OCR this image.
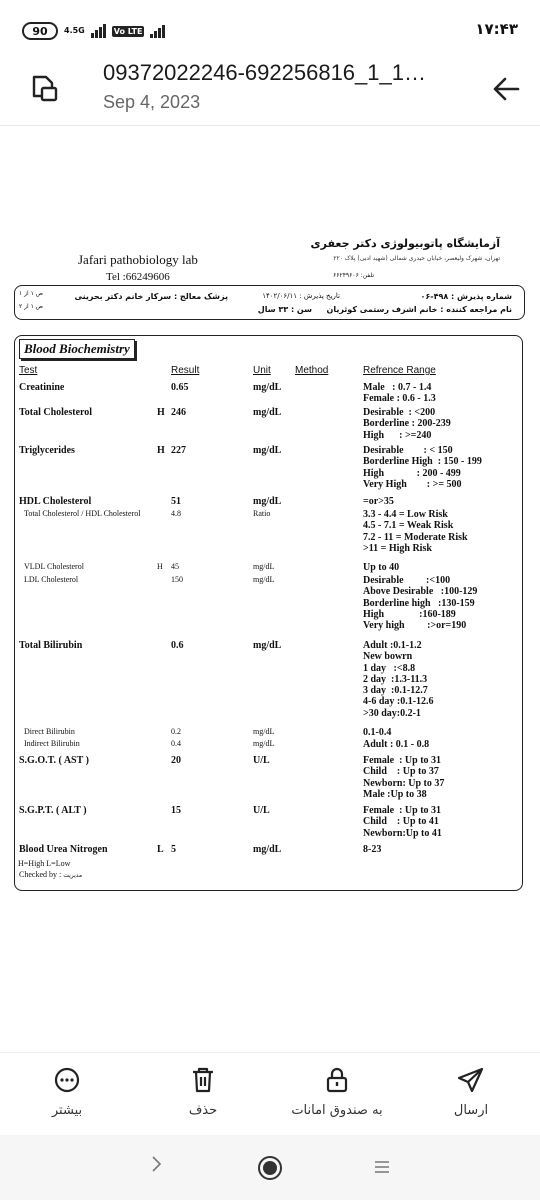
90 4.5G	Vo LTE	۱۷:۴۳
09372022246-692256816_1_1…
Sep 4, 2023
Jafari pathobiology lab
Tel :66249606
آزمایشگاه پاتوبیولوژی دکتر جعفری
تهران، شهرک ولیعصر، خیابان حیدری شمالی (شهید ادبی) پلاک ۲۲۰
تلفن: ۶۶۲۴۹۶۰۶
شماره پذیرش : ۴۹۸-۰۶
نام مراجعه کننده : خانم اشرف رستمی کوثریان
تاریخ پذیرش : ۱۴۰۲/۰۶/۱۱
سن : ۳۳ سال
پزشک معالج : سرکار خانم دکتر بحرینی
ص ۱ از ۱
ص ۱ از ۲
Blood Biochemistry
Test	Result	Unit Method	Refrence Range
Creatinine	0.65	mg/dL	Male   : 0.7 - 1.4
Female : 0.6 - 1.3
Total Cholesterol	H 246	mg/dL	Desirable  : <200
Borderline : 200-239
High      : >=240
Triglycerides	H 227	mg/dL	Desirable        : < 150
Borderline High  : 150 - 199
High             : 200 - 499
Very High        : >= 500
HDL Cholesterol	51	mg/dL	=or>35
Total Cholesterol / HDL Cholesterol	4.8	Ratio	3.3 - 4.4 = Low Risk
4.5 - 7.1 = Weak Risk
7.2 - 11 = Moderate Risk
>11 = High Risk
VLDL Cholesterol	H 45	mg/dL	Up to 40
LDL Cholesterol	150	mg/dL	Desirable         :<100
Above Desirable   :100-129
Borderline high   :130-159
High              :160-189
Very high         :>or=190
Total Bilirubin	0.6	mg/dL	Adult :0.1-1.2
New bowrn
1 day   :<8.8
2 day  :1.3-11.3
3 day  :0.1-12.7
4-6 day :0.1-12.6
>30 day:0.2-1
Direct Bilirubin	0.2	mg/dL	0.1-0.4
Indirect Bilirubin	0.4	mg/dL	Adult : 0.1 - 0.8
S.G.O.T. ( AST )	20	U/L	Female  : Up to 31
Child    : Up to 37
Newborn: Up to 37
Male :Up to 38
S.G.P.T. ( ALT )	15	U/L	Female  : Up to 31
Child    : Up to 41
Newborn:Up to 41
Blood Urea Nitrogen	L 5	mg/dL	8-23
H=High L=Low
Checked by : مدیریت
بیشتر	حذف	به صندوق امانات	ارسال
